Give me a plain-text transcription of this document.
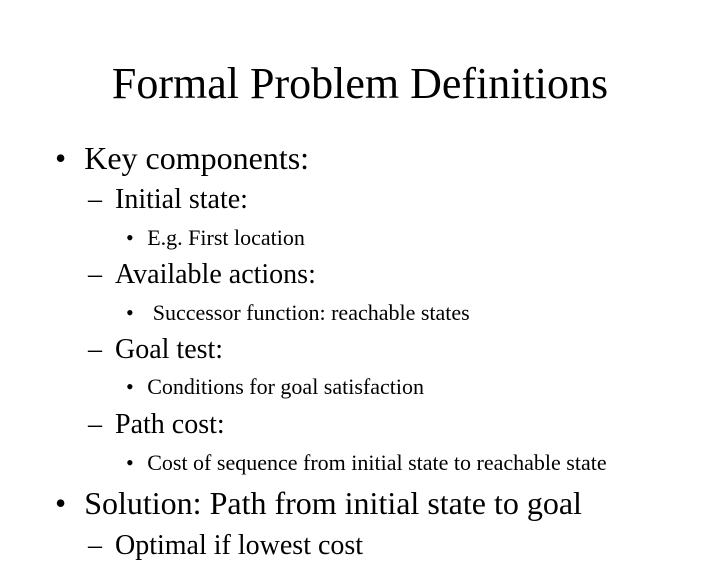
Formal Problem Definitions
• Key components:
– Initial state:
• E.g. First location
– Available actions:
•  Successor function: reachable states
– Goal test:
• Conditions for goal satisfaction
– Path cost:
• Cost of sequence from initial state to reachable state
• Solution: Path from initial state to goal
– Optimal if lowest cost
